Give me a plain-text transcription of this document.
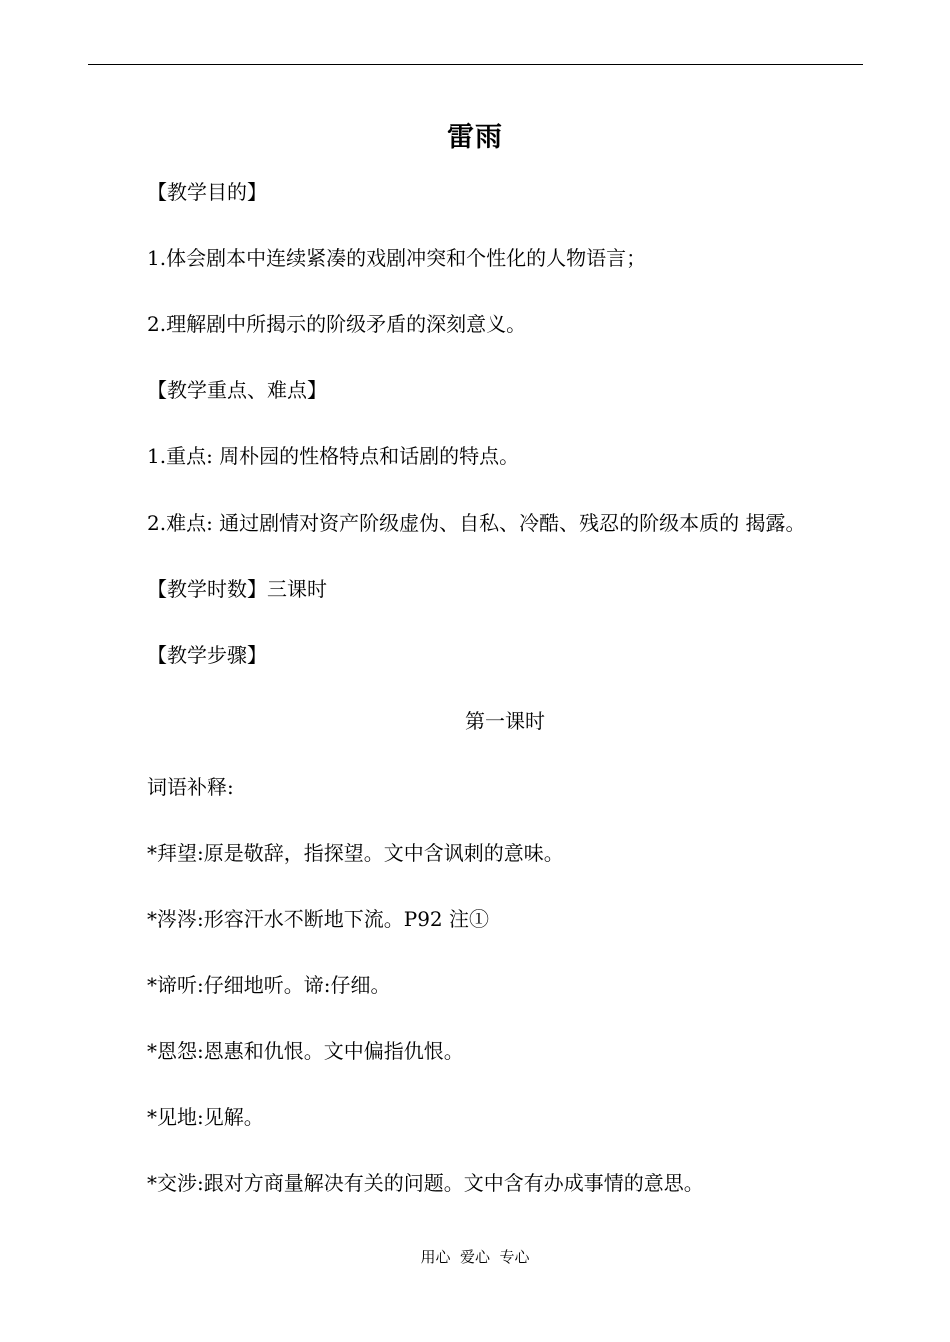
雷雨
【教学目的】
1.体会剧本中连续紧凑的戏剧冲突和个性化的人物语言；
2.理解剧中所揭示的阶级矛盾的深刻意义。
【教学重点、难点】
1.重点: 周朴园的性格特点和话剧的特点。
2.难点: 通过剧情对资产阶级虚伪、自私、冷酷、残忍的阶级本质的 揭露。
【教学时数】三课时
【教学步骤】
第一课时
词语补释:
*拜望:原是敬辞，指探望。文中含讽刺的意味。
*涔涔:形容汗水不断地下流。P92 注①
*谛听:仔细地听。谛:仔细。
*恩怨:恩惠和仇恨。文中偏指仇恨。
*见地:见解。
*交涉:跟对方商量解决有关的问题。文中含有办成事情的意思。
用心  爱心  专心
